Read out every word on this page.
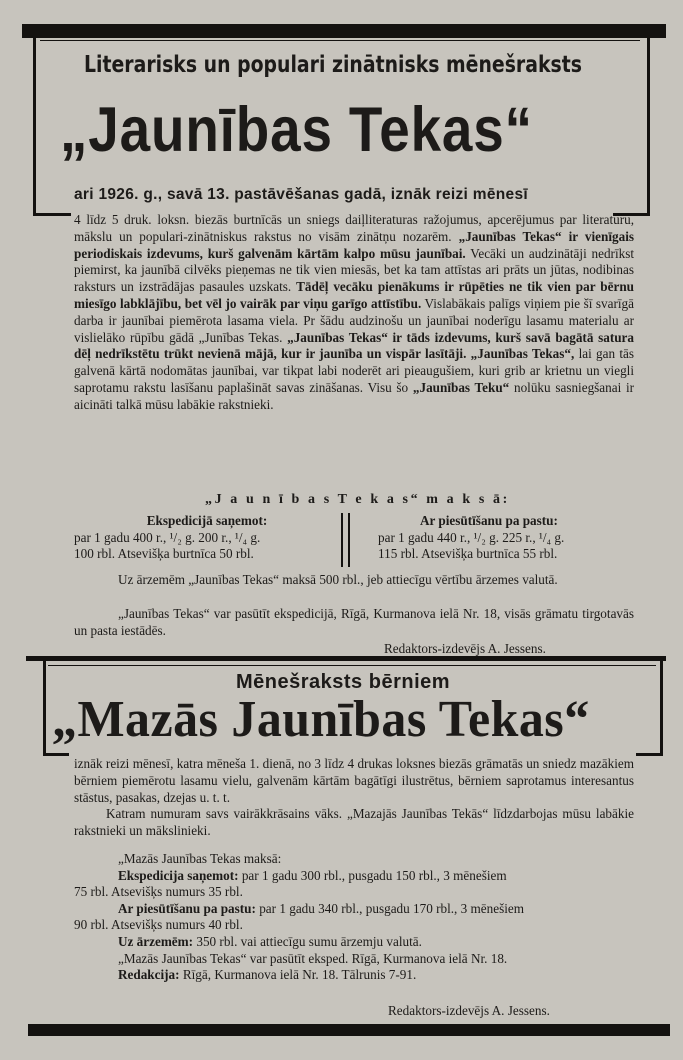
Literarisks un populari zinātnisks mēnešraksts
„Jaunības Tekas“
ari 1926. g., savā 13. pastāvēšanas gadā, iznāk reizi mēnesī

4 līdz 5 druk. loksn. biezās burtnīcās un sniegs daiļliteraturas ražojumus, apcerējumus par literaturu, mākslu un populari-zinātniskus rakstus no visām zinātņu nozarēm. „Jaunības Tekas“ ir vienīgais periodiskais izdevums, kurš galvenām kārtām kalpo mūsu jaunībai. Vecāki un audzinātāji nedrīkst piemirst, ka jaunībā cilvēks pieņemas ne tik vien miesās, bet ka tam attīstas ari prāts un jūtas, nodibinas raksturs un izstrādājas pasaules uzskats. Tādēļ vecāku pienākums ir rūpēties ne tik vien par bērnu miesīgo labklājību, bet vēl jo vairāk par viņu garīgo attīstību. Vislabākais palīgs viņiem pie šī svarīgā darba ir jaunībai piemērota lasama viela. Pr šādu audzinošu un jaunībai noderīgu lasamu materialu ar vislielāko rūpību gādā „Junības Tekas. „Jaunības Tekas“ ir tāds izdevums, kurš savā bagātā satura dēļ nedrīkstētu trūkt nevienā mājā, kur ir jaunība un vispār lasītāji. „Jaunības Tekas“, lai gan tās galvenā kārtā nodomātas jaunībai, var tikpat labi noderēt ari pieaugušiem, kuri grib ar krietnu un viegli saprotamu rakstu lasīšanu paplašināt savas zināšanas. Visu šo „Jaunības Teku“ nolūku sasniegšanai ir aicināti talkā mūsu labākie rakstnieki.

„J a u n ī b a s T e k a s“ m a k s ā:
Ekspedicijā saņemot:
par 1 gadu 400 r., ¹/₂ g. 200 r., ¹/₄ g.
100 rbl. Atsevišķa burtnīca 50 rbl.
Ar piesūtīšanu pa pastu:
par 1 gadu 440 r., ¹/₂ g. 225 r., ¹/₄ g.
115 rbl. Atsevišķa burtnīca 55 rbl.
Uz ārzemēm „Jaunības Tekas“ maksā 500 rbl., jeb attiecīgu vērtību ārzemes valutā.
„Jaunības Tekas“ var pasūtīt ekspedicijā, Rīgā, Kurmanova ielā Nr. 18, visās grāmatu tirgotavās un pasta iestādēs.
Redaktors-izdevējs A. Jessens.
Mēnešraksts bērniem
„Mazās Jaunības Tekas“

iznāk reizi mēnesī, katra mēneša 1. dienā, no 3 līdz 4 drukas loksnes biezās grāmatās un sniedz mazākiem bērniem piemērotu lasamu vielu, galvenām kārtām bagātīgi ilustrētus, bērniem saprotamus interesantus stāstus, pasakas, dzejas u. t. t.

Katram numuram savs vairākkrāsains vāks. „Mazajās Jaunības Tekās“ līdzdarbojas mūsu labākie rakstnieki un mākslinieki.

„Mazās Jaunības Tekas maksā:
Ekspedicija saņemot: par 1 gadu 300 rbl., pusgadu 150 rbl., 3 mēnešiem
75 rbl. Atsevišķs numurs 35 rbl.
Ar piesūtīšanu pa pastu: par 1 gadu 340 rbl., pusgadu 170 rbl., 3 mēnešiem
90 rbl. Atsevišķs numurs 40 rbl.
Uz ārzemēm: 350 rbl. vai attiecīgu sumu ārzemju valutā.
„Mazās Jaunības Tekas“ var pasūtīt eksped. Rīgā, Kurmanova ielā Nr. 18.
Redakcija: Rīgā, Kurmanova ielā Nr. 18. Tālrunis 7-91.
Redaktors-izdevējs A. Jessens.
